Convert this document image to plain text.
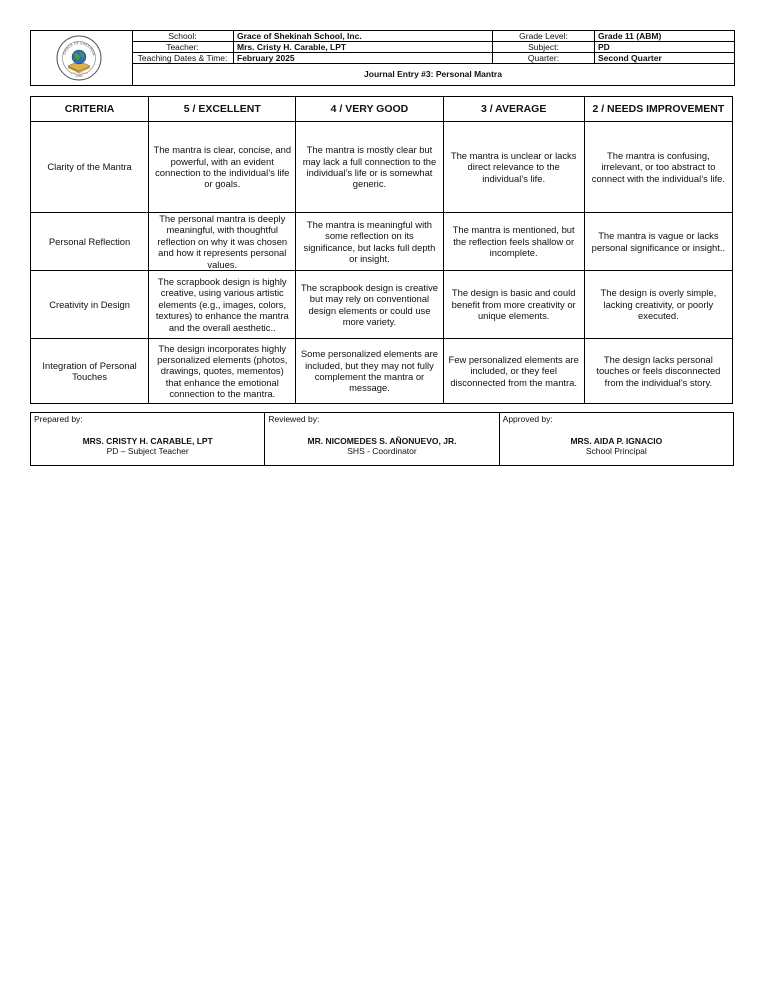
GRACE OF SHEKINAH
• 1986 •
School:	Grace of Shekinah School, Inc.	Grade Level:	Grade 11 (ABM)
Teacher:	Mrs. Cristy H. Carable, LPT	Subject:	PD
Teaching Dates & Time:	February 2025	Quarter:	Second Quarter
Journal Entry #3: Personal Mantra			
CRITERIA	5 / EXCELLENT	4 / VERY GOOD	3 / AVERAGE	2 / NEEDS IMPROVEMENT
Clarity of the Mantra	The mantra is clear, concise, and powerful, with an evident connection to the individual’s life or goals.	The mantra is mostly clear but may lack a full connection to the individual’s life or is somewhat generic.	The mantra is unclear or lacks direct relevance to the individual’s life.	The mantra is confusing, irrelevant, or too abstract to connect with the individual’s life.
Personal Reflection	The personal mantra is deeply meaningful, with thoughtful reflection on why it was chosen and how it represents personal values.	The mantra is meaningful with some reflection on its significance, but lacks full depth or insight.	The mantra is mentioned, but the reflection feels shallow or incomplete.	The mantra is vague or lacks personal significance or insight..
Creativity in Design	The scrapbook design is highly creative, using various artistic elements (e.g., images, colors, textures) to enhance the mantra and the overall aesthetic..	The scrapbook design is creative but may rely on conventional design elements or could use more variety.	The design is basic and could benefit from more creativity or unique elements.	The design is overly simple, lacking creativity, or poorly executed.
Integration of Personal Touches	The design incorporates highly personalized elements (photos, drawings, quotes, mementos) that enhance the emotional connection to the mantra.	Some personalized elements are included, but they may not fully complement the mantra or message.	Few personalized elements are included, or they feel disconnected from the mantra.	The design lacks personal touches or feels disconnected from the individual’s story.
Prepared by:
MRS. CRISTY H. CARABLE, LPT
PD – Subject Teacher

Reviewed by:
MR. NICOMEDES S. AÑONUEVO, JR.
SHS - Coordinator

Approved by:
MRS. AIDA P. IGNACIO
School Principal
